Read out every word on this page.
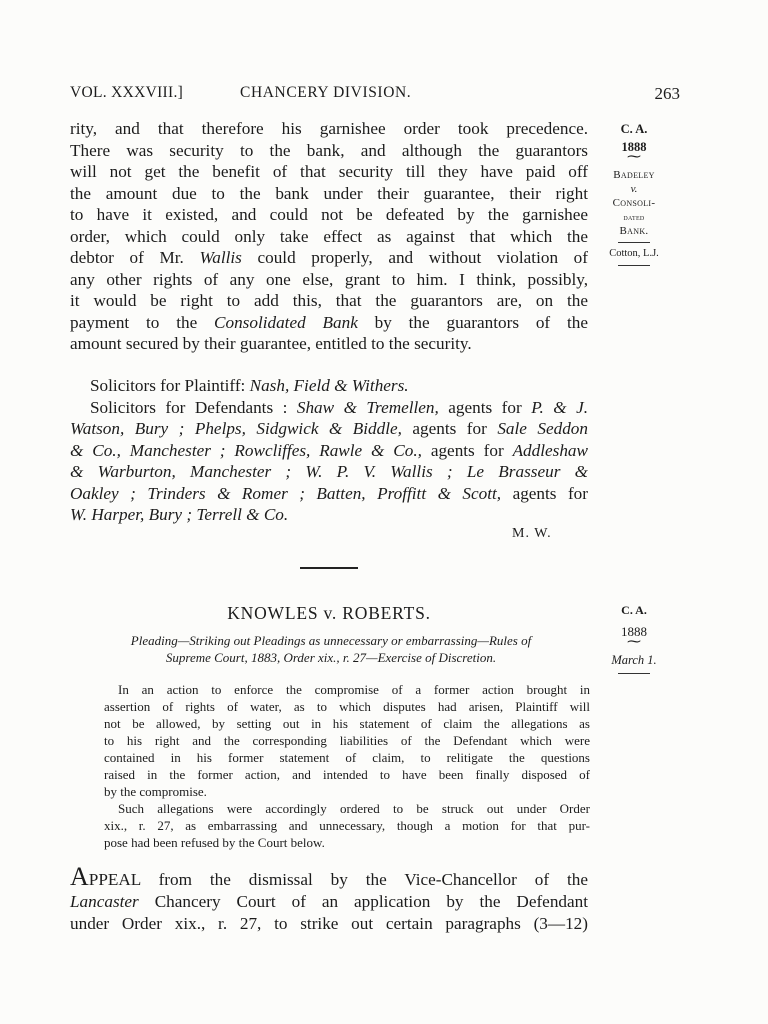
VOL. XXXVIII.]	CHANCERY DIVISION.	263
rity, and that therefore his garnishee order took precedence.
There was security to the bank, and although the guarantors
will not get the benefit of that security till they have paid off
the amount due to the bank under their guarantee, their right
to have it existed, and could not be defeated by the garnishee
order, which could only take effect as against that which the
debtor of Mr. Wallis could properly, and without violation of
any other rights of any one else, grant to him. I think, possibly,
it would be right to add this, that the guarantors are, on the
payment to the Consolidated Bank by the guarantors of the
amount secured by their guarantee, entitled to the security.
C. A.
1888
⁓
Badeley
v.
Consoli-
dated
Bank.
Cotton, L.J.
Solicitors for Plaintiff: Nash, Field & Withers.
Solicitors for Defendants : Shaw & Tremellen, agents for P. & J.
Watson, Bury ; Phelps, Sidgwick & Biddle, agents for Sale Seddon
& Co., Manchester ; Rowcliffes, Rawle & Co., agents for Addleshaw
& Warburton, Manchester ; W. P. V. Wallis ; Le Brasseur &
Oakley ; Trinders & Romer ; Batten, Proffitt & Scott, agents for
W. Harper, Bury ; Terrell & Co.
M. W.
KNOWLES v. ROBERTS.	C. A.
1888
⁓
March 1.
Pleading—Striking out Pleadings as unnecessary or embarrassing—Rules of
Supreme Court, 1883, Order xix., r. 27—Exercise of Discretion.
In an action to enforce the compromise of a former action brought in
assertion of rights of water, as to which disputes had arisen, Plaintiff will
not be allowed, by setting out in his statement of claim the allegations as
to his right and the corresponding liabilities of the Defendant which were
contained in his former statement of claim, to relitigate the questions
raised in the former action, and intended to have been finally disposed of
by the compromise.
Such allegations were accordingly ordered to be struck out under Order
xix., r. 27, as embarrassing and unnecessary, though a motion for that pur-
pose had been refused by the Court below.
APPEAL from the dismissal by the Vice-Chancellor of the
Lancaster Chancery Court of an application by the Defendant
under Order xix., r. 27, to strike out certain paragraphs (3—12)
